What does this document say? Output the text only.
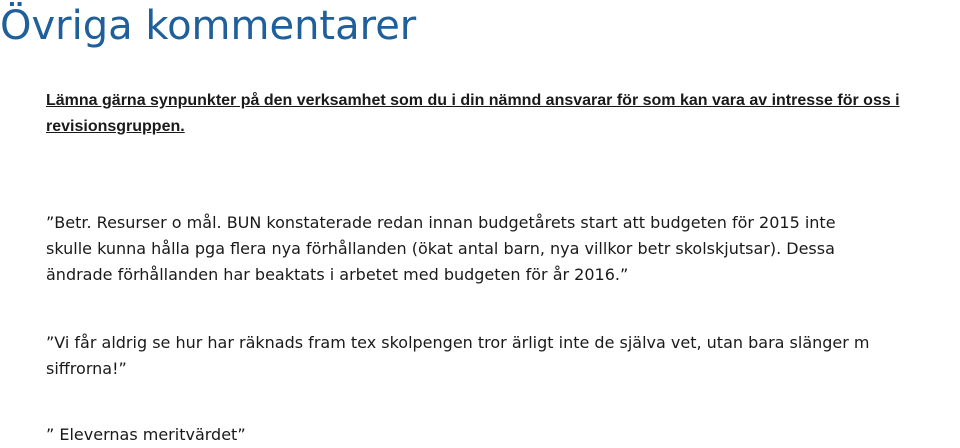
Övriga kommentarer

Lämna gärna synpunkter på den verksamhet som du i din nämnd ansvarar för som kan vara av intresse för oss i revisionsgruppen.

”Betr. Resurser o mål. BUN konstaterade redan innan budgetårets start att budgeten för 2015 inte
skulle kunna hålla pga flera nya förhållanden (ökat antal barn, nya villkor betr skolskjutsar). Dessa
ändrade förhållanden har beaktats i arbetet med budgeten för år 2016.”
”Vi får aldrig se hur har räknads fram tex skolpengen tror ärligt inte de själva vet, utan bara slänger m
siffrorna!”
” Elevernas meritvärdet”
